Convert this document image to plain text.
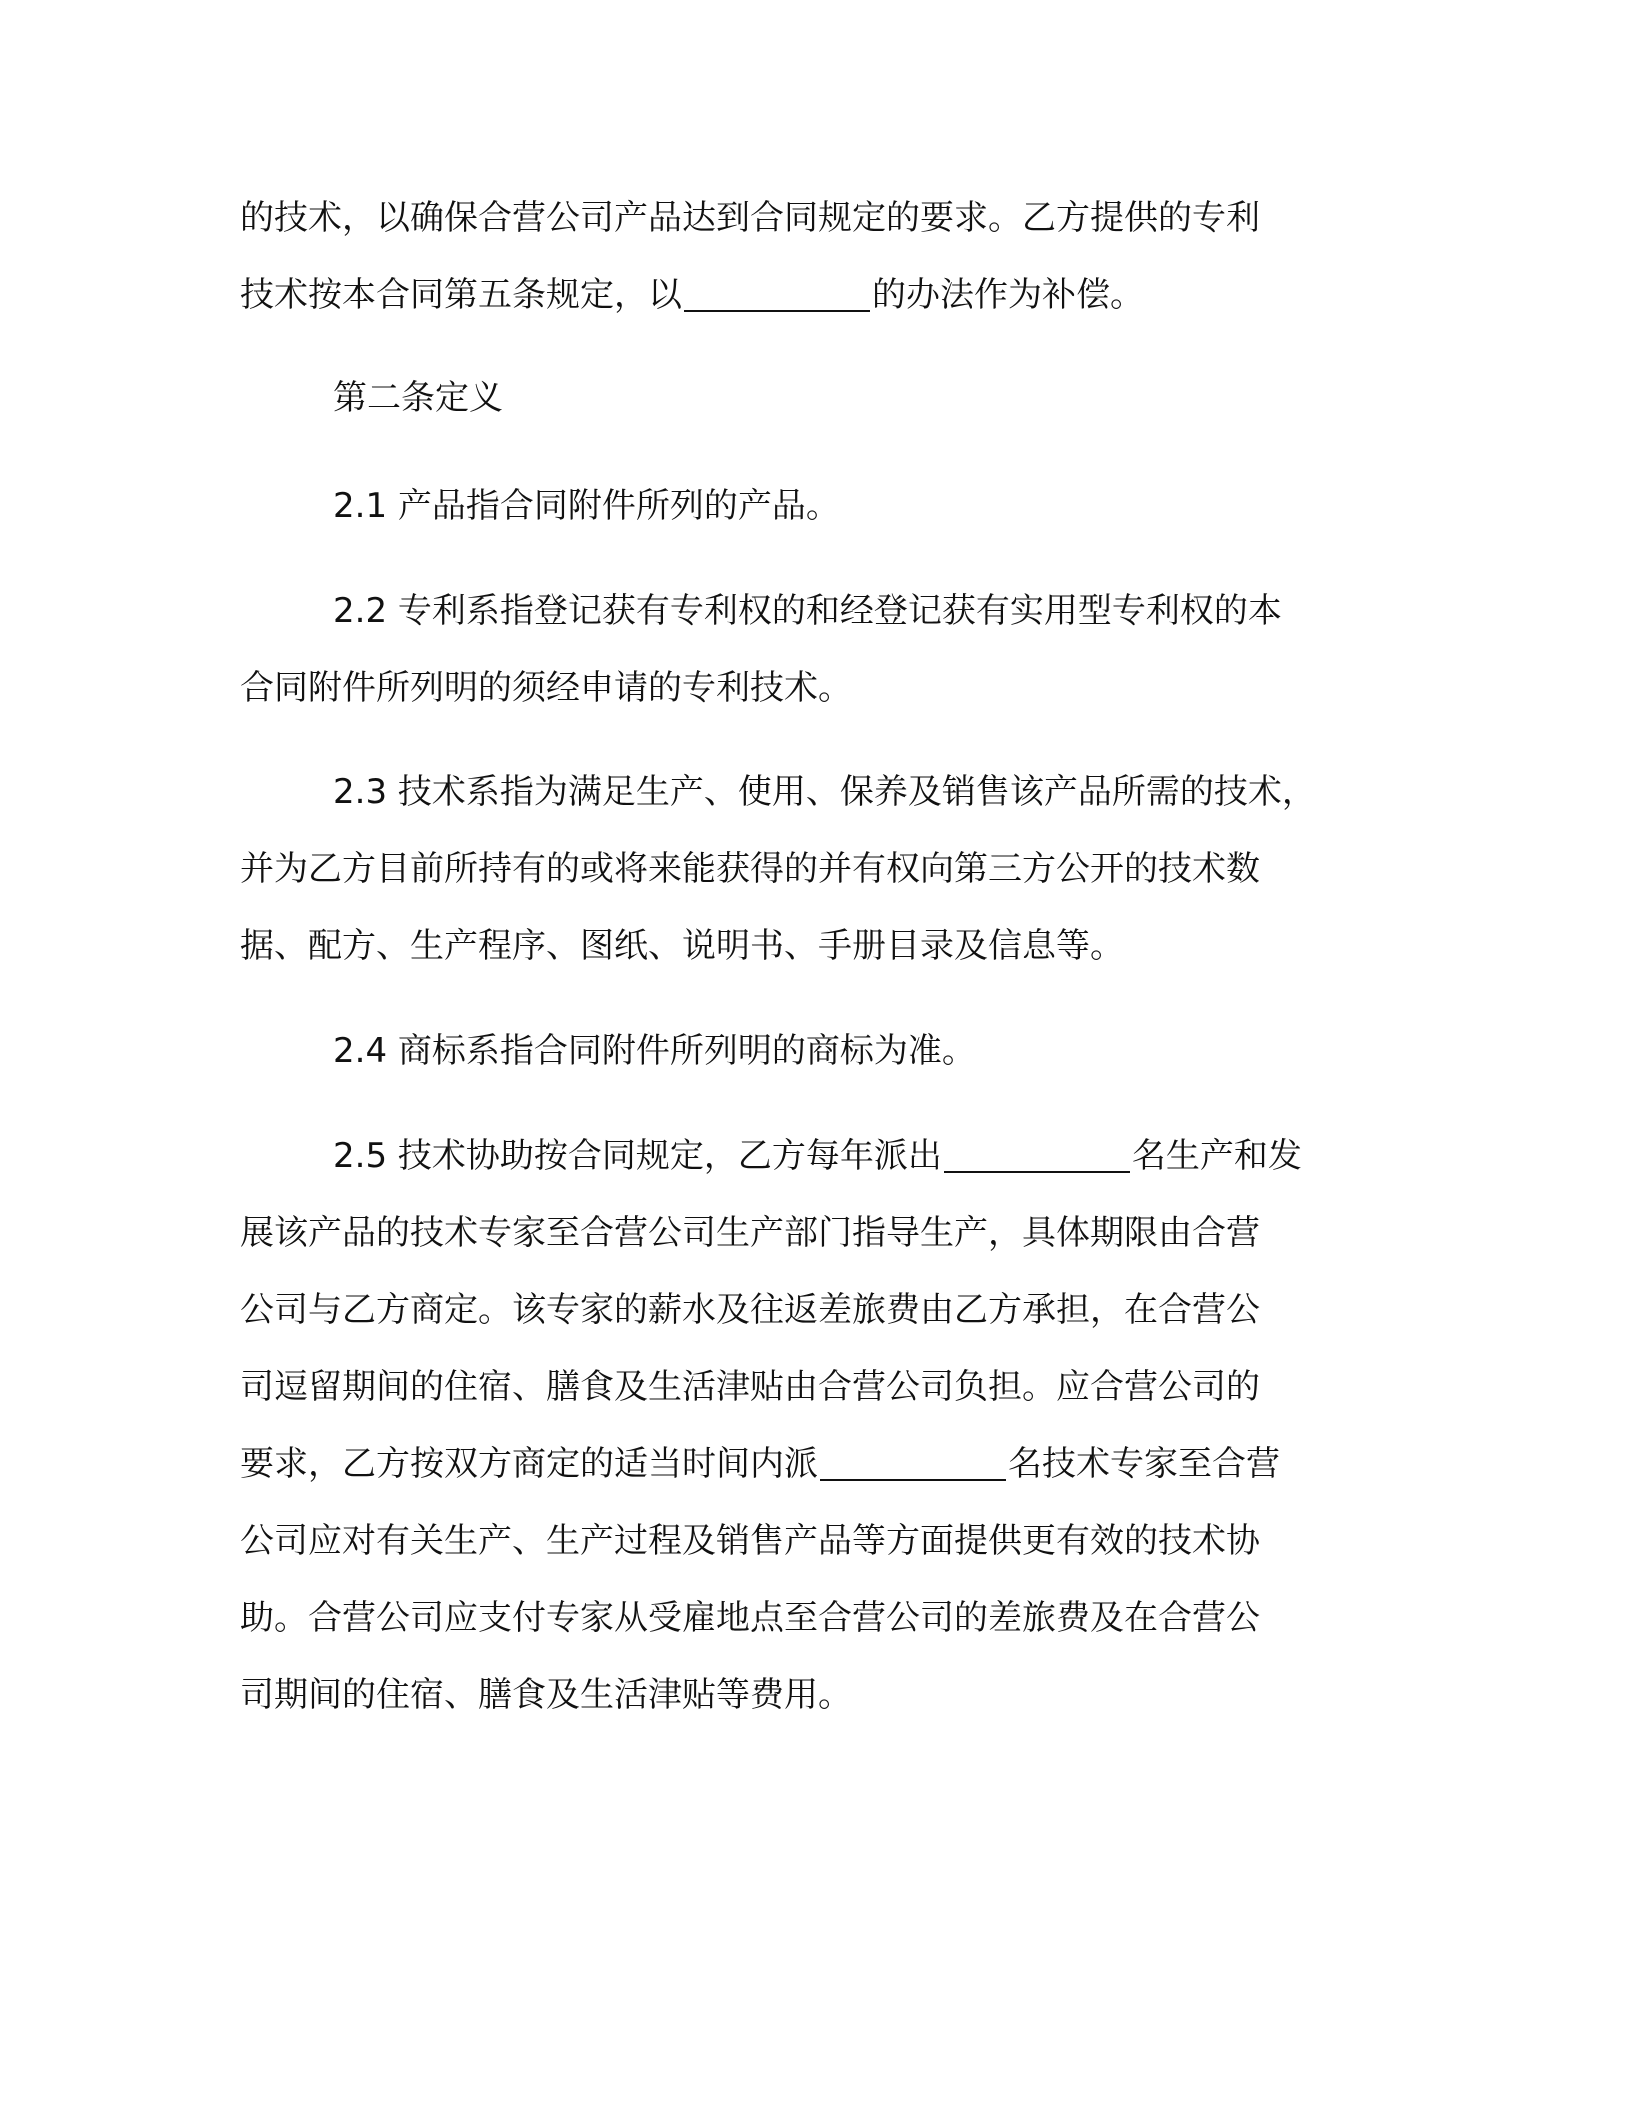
的技术，以确保合营公司产品达到合同规定的要求。乙方提供的专利
技术按本合同第五条规定，以	的办法作为补偿。
第二条定义
2.1 产品指合同附件所列的产品。
2.2 专利系指登记获有专利权的和经登记获有实用型专利权的本
合同附件所列明的须经申请的专利技术。
2.3 技术系指为满足生产、使用、保养及销售该产品所需的技术，
并为乙方目前所持有的或将来能获得的并有权向第三方公开的技术数
据、配方、生产程序、图纸、说明书、手册目录及信息等。
2.4 商标系指合同附件所列明的商标为准。
2.5 技术协助按合同规定，乙方每年派出	名生产和发
展该产品的技术专家至合营公司生产部门指导生产，具体期限由合营
公司与乙方商定。该专家的薪水及往返差旅费由乙方承担，在合营公
司逗留期间的住宿、膳食及生活津贴由合营公司负担。应合营公司的
要求，乙方按双方商定的适当时间内派	名技术专家至合营
公司应对有关生产、生产过程及销售产品等方面提供更有效的技术协
助。合营公司应支付专家从受雇地点至合营公司的差旅费及在合营公
司期间的住宿、膳食及生活津贴等费用。
